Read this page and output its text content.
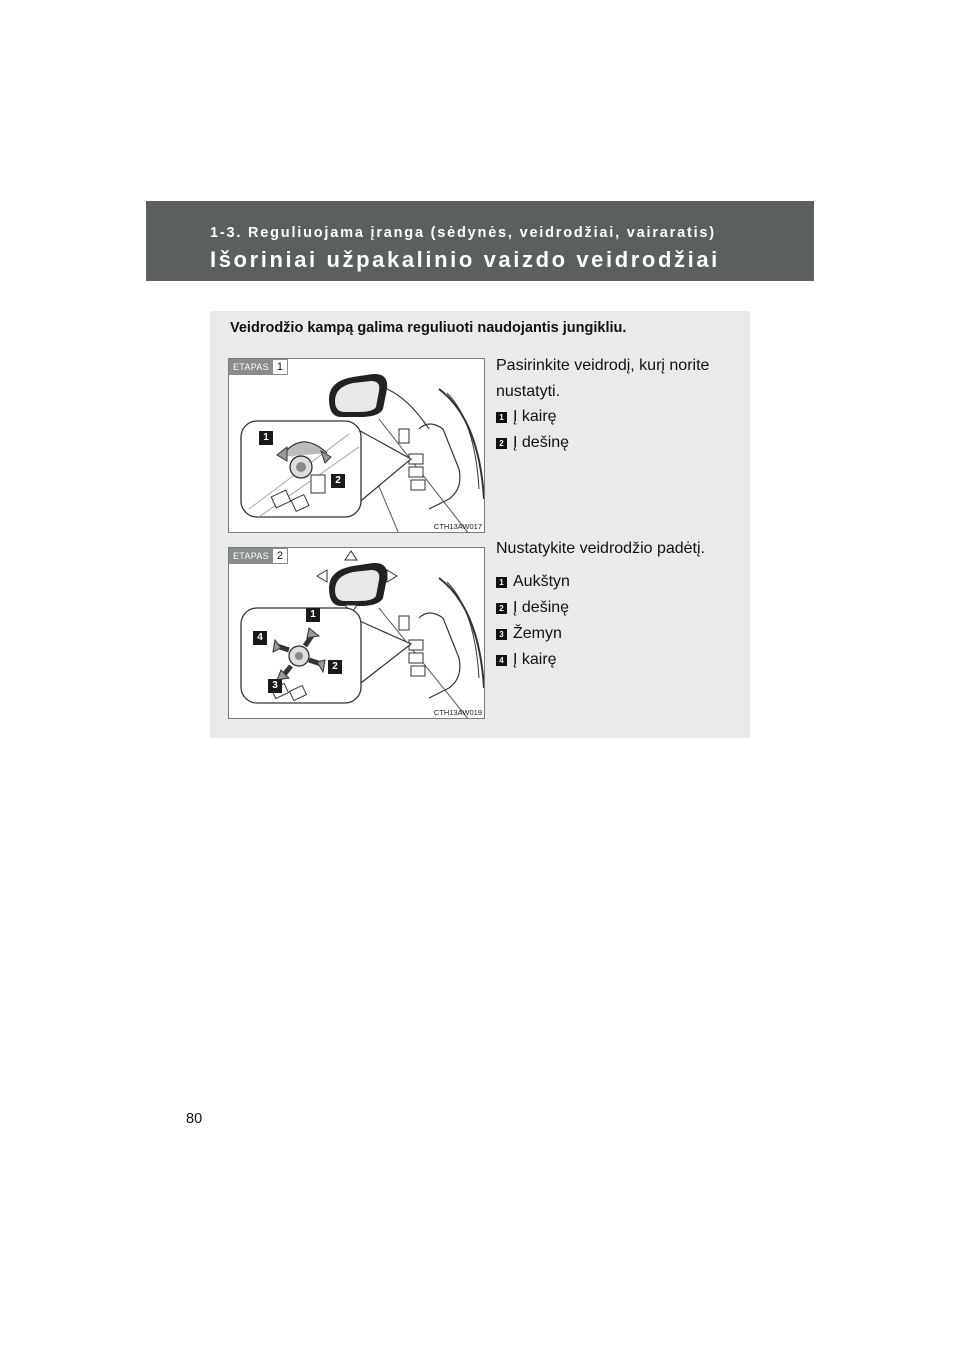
1-3. Reguliuojama įranga (sėdynės, veidrodžiai, vairaratis)
Išoriniai užpakalinio vaizdo veidrodžiai
Veidrodžio kampą galima reguliuoti naudojantis jungikliu.
ETAPAS 1
1
2
CTH13AW017
Pasirinkite veidrodį, kurį norite nustatyti.
1 Į kairę
2 Į dešinę
ETAPAS 2
1
2
3
4
CTH13AW019
Nustatykite veidrodžio padėtį.
1 Aukštyn
2 Į dešinę
3 Žemyn
4 Į kairę
80
